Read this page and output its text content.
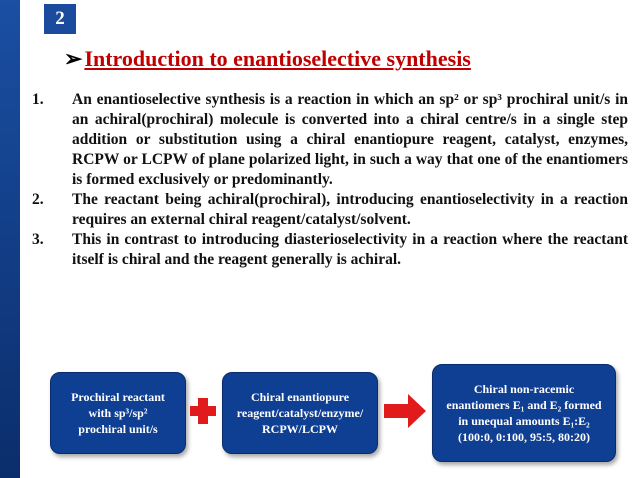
2
➢Introduction to enantioselective synthesis
1.	An enantioselective synthesis is a reaction in which an sp² or sp³ prochiral unit/s in an achiral(prochiral) molecule is converted into a chiral centre/s in a single step addition or substitution using a chiral enantiopure reagent, catalyst, enzymes, RCPW or LCPW of plane polarized light, in such a way that one of the enantiomers is formed exclusively or predominantly.
2.	The reactant being achiral(prochiral), introducing enantioselectivity in a reaction requires an external chiral reagent/catalyst/solvent.
3.	This in contrast to introducing diasterioselectivity in a reaction where the reactant itself is chiral and the reagent generally is achiral.
Prochiral reactant
with sp³/sp²
prochiral unit/s
Chiral enantiopure
reagent/catalyst/enzyme/
RCPW/LCPW
Chiral non-racemic
enantiomers E₁ and E₂ formed
in unequal amounts E₁:E₂
(100:0, 0:100, 95:5, 80:20)
